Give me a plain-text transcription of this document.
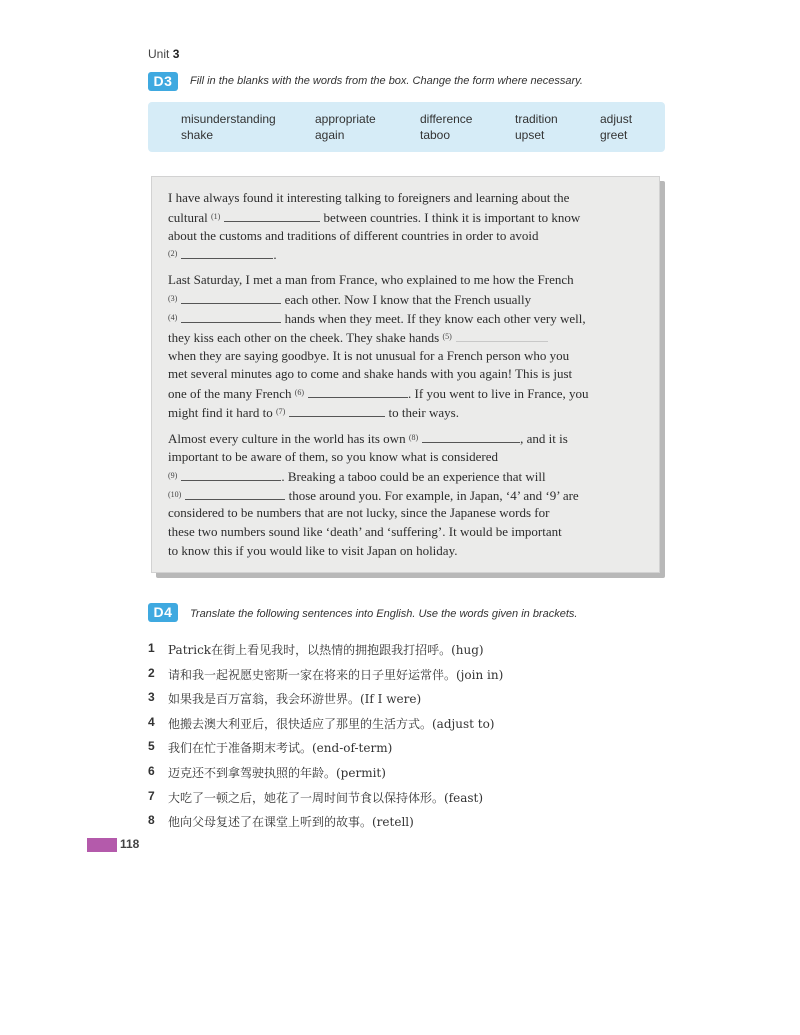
Unit 3
D3	Fill in the blanks with the words from the box. Change the form where necessary.
misunderstanding	appropriate	difference	tradition	adjust
shake	again	taboo	upset	greet
I have always found it interesting talking to foreigners and learning about the
cultural $^{(1)}$	between countries. I think it is important to know
about the customs and traditions of different countries in order to avoid
$^{(2)}$	.
Last Saturday, I met a man from France, who explained to me how the French
$^{(3)}$	each other. Now I know that the French usually
$^{(4)}$	hands when they meet. If they know each other very well,
they kiss each other on the cheek. They shake hands $^{(5)}$
when they are saying goodbye. It is not unusual for a French person who you
met several minutes ago to come and shake hands with you again! This is just
one of the many French $^{(6)}$	. If you went to live in France, you
might find it hard to $^{(7)}$	to their ways.
Almost every culture in the world has its own $^{(8)}$	, and it is
important to be aware of them, so you know what is considered
$^{(9)}$	. Breaking a taboo could be an experience that will
$^{(10)}$	those around you. For example, in Japan, ‘4’ and ‘9’ are
considered to be numbers that are not lucky, since the Japanese words for
these two numbers sound like ‘death’ and ‘suffering’. It would be important
to know this if you would like to visit Japan on holiday.
D4	Translate the following sentences into English. Use the words given in brackets.
1 Patrick在街上看见我时，以热情的拥抱跟我打招呼。(hug)
2 请和我一起祝愿史密斯一家在将来的日子里好运常伴。(join in)
3 如果我是百万富翁，我会环游世界。(If I were)
4 他搬去澳大利亚后，很快适应了那里的生活方式。(adjust to)
5 我们在忙于准备期末考试。(end-of-term)
6 迈克还不到拿驾驶执照的年龄。(permit)
7 大吃了一顿之后，她花了一周时间节食以保持体形。(feast)
8 他向父母复述了在课堂上听到的故事。(retell)
118
